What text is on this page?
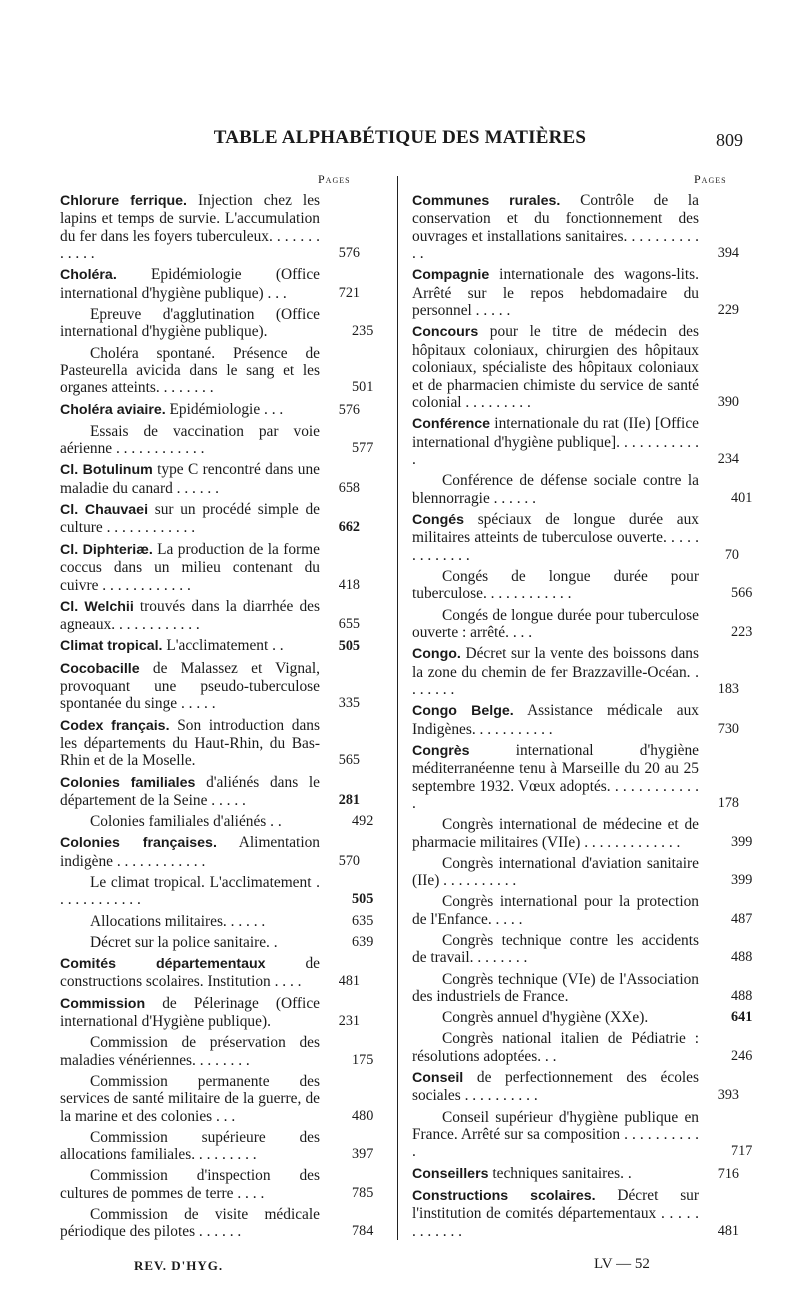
TABLE ALPHABÉTIQUE DES MATIÈRES	809
Pages	Pages
Chlorure ferrique. Injection chez les lapins et temps de survie. L'accumulation du fer dans les foyers tuberculeux. . . . . . . . . . . .	576
Choléra. Epidémiologie (Office international d'hygiène publique) . . .	721
Epreuve d'agglutination (Office international d'hygiène publique).	235
Choléra spontané. Présence de Pasteurella avicida dans le sang et les organes atteints. . . . . . . .	501
Choléra aviaire. Epidémiologie . . .	576
Essais de vaccination par voie aérienne . . . . . . . . . . . .	577
Cl. Botulinum type C rencontré dans une maladie du canard . . . . . .	658
Cl. Chauvaei sur un procédé simple de culture . . . . . . . . . . . .	662
Cl. Diphteriæ. La production de la forme coccus dans un milieu contenant du cuivre . . . . . . . . . . . .	418
Cl. Welchii trouvés dans la diarrhée des agneaux. . . . . . . . . . . .	655
Climat tropical. L'acclimatement . .	505
Cocobacille de Malassez et Vignal, provoquant une pseudo-tuberculose spontanée du singe . . . . .	335
Codex français. Son introduction dans les départements du Haut-Rhin, du Bas-Rhin et de la Moselle.	565
Colonies familiales d'aliénés dans le département de la Seine . . . . .	281
Colonies familiales d'aliénés . .	492
Colonies françaises. Alimentation indigène . . . . . . . . . . . .	570
Le climat tropical. L'acclimatement . . . . . . . . . . . .	505
Allocations militaires. . . . . .	635
Décret sur la police sanitaire. .	639
Comités départementaux de constructions scolaires. Institution . . . .	481
Commission de Pélerinage (Office international d'Hygiène publique).	231
Commission de préservation des maladies vénériennes. . . . . . . .	175
Commission permanente des services de santé militaire de la guerre, de la marine et des colonies . . .	480
Commission supérieure des allocations familiales. . . . . . . . .	397
Commission d'inspection des cultures de pommes de terre . . . .	785
Commission de visite médicale périodique des pilotes . . . . . .	784
Communes rurales. Contrôle de la conservation et du fonctionnement des ouvrages et installations sanitaires. . . . . . . . . . . .	394
Compagnie internationale des wagons-lits. Arrêté sur le repos hebdomadaire du personnel . . . . .	229
Concours pour le titre de médecin des hôpitaux coloniaux, chirurgien des hôpitaux coloniaux, spécialiste des hôpitaux coloniaux et de pharmacien chimiste du service de santé colonial . . . . . . . . .	390
Conférence internationale du rat (IIe) [Office international d'hygiène publique]. . . . . . . . . . . .	234
Conférence de défense sociale contre la blennorragie . . . . . .	401
Congés spéciaux de longue durée aux militaires atteints de tuberculose ouverte. . . . . . . . . . . . .	70
Congés de longue durée pour tuberculose. . . . . . . . . . . .	566
Congés de longue durée pour tuberculose ouverte : arrêté. . . .	223
Congo. Décret sur la vente des boissons dans la zone du chemin de fer Brazzaville-Océan. . . . . . . .	183
Congo Belge. Assistance médicale aux Indigènes. . . . . . . . . . .	730
Congrès international d'hygiène méditerranéenne tenu à Marseille du 20 au 25 septembre 1932. Vœux adoptés. . . . . . . . . . . . .	178
Congrès international de médecine et de pharmacie militaires (VIIe) . . . . . . . . . . . . .	399
Congrès international d'aviation sanitaire (IIe) . . . . . . . . . .	399
Congrès international pour la protection de l'Enfance. . . . .	487
Congrès technique contre les accidents de travail. . . . . . . .	488
Congrès technique (VIe) de l'Association des industriels de France.	488
Congrès annuel d'hygiène (XXe).	641
Congrès national italien de Pédiatrie : résolutions adoptées. . .	246
Conseil de perfectionnement des écoles sociales . . . . . . . . . .	393
Conseil supérieur d'hygiène publique en France. Arrêté sur sa composition . . . . . . . . . . .	717
Conseillers techniques sanitaires. .	716
Constructions scolaires. Décret sur l'institution de comités départementaux . . . . . . . . . . . .	481
REV. D'HYG.	LV — 52
